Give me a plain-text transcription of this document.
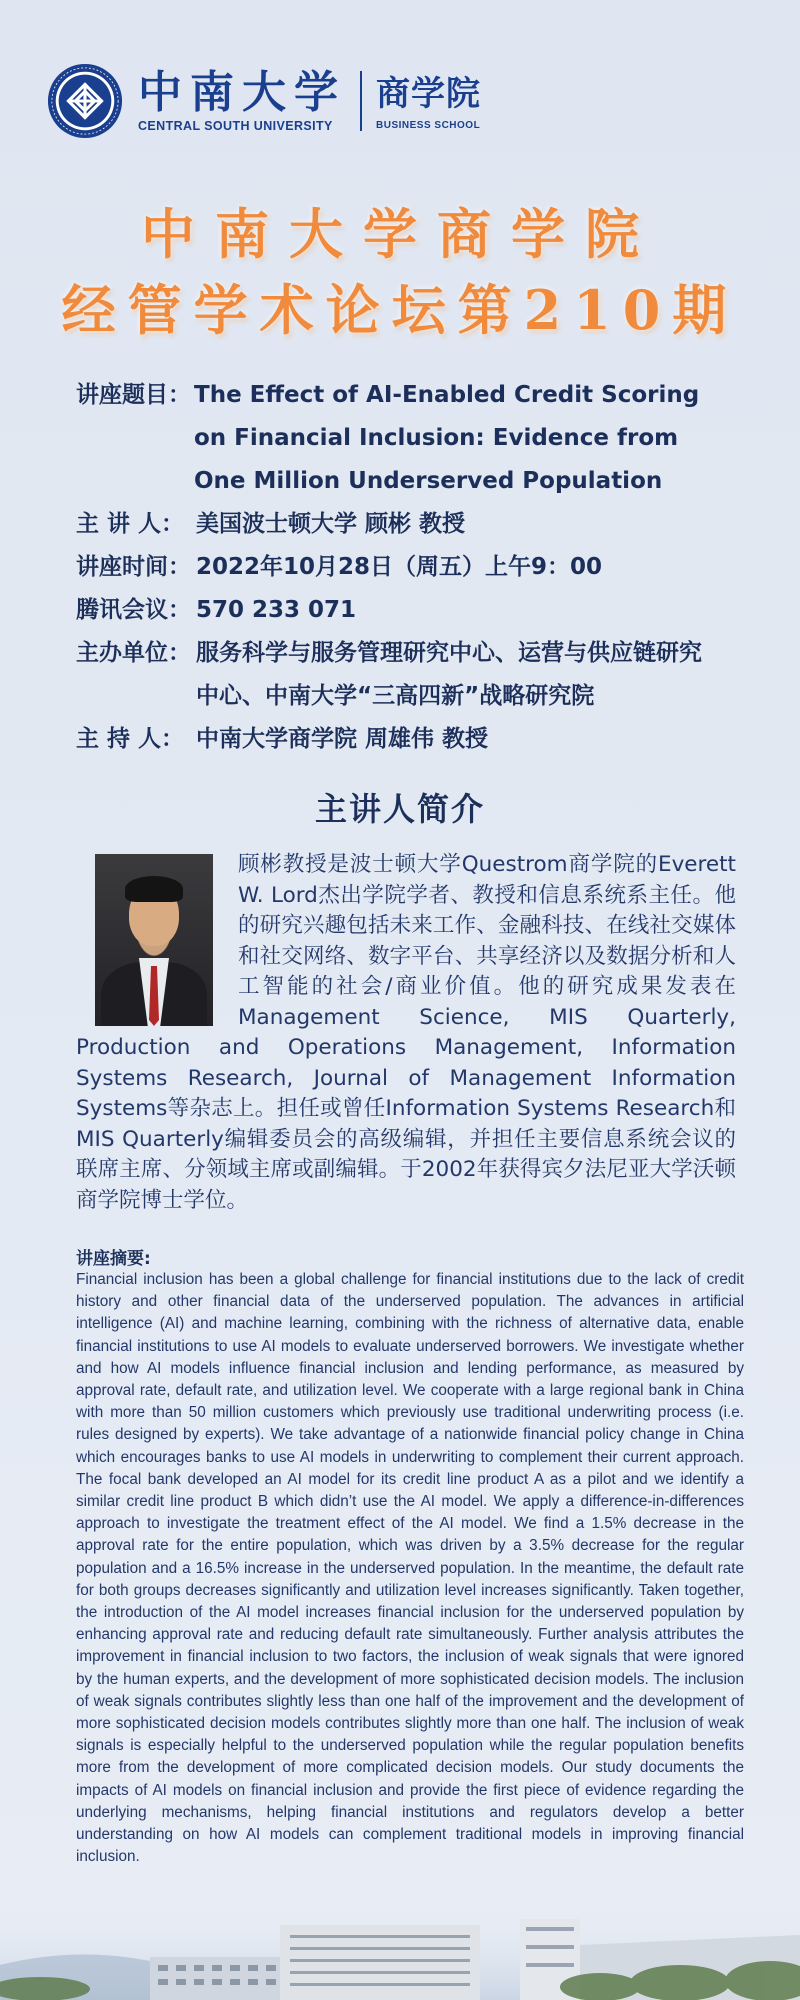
中南大学
CENTRAL SOUTH UNIVERSITY
商学院
BUSINESS SCHOOL
中南大学商学院
经管学术论坛第210期
讲座题目： The Effect of AI-Enabled Credit Scoring on Financial Inclusion: Evidence from One Million Underserved Population
主 讲 人： 美国波士顿大学 顾彬 教授
讲座时间： 2022年10月28日（周五）上午9：00
腾讯会议： 570 233 071
主办单位： 服务科学与服务管理研究中心、运营与供应链研究
中心、中南大学“三高四新”战略研究院
主 持 人： 中南大学商学院 周雄伟 教授
主讲人简介
顾彬教授是波士顿大学Questrom商学院的Everett W. Lord杰出学院学者、教授和信息系统系主任。他的研究兴趣包括未来工作、金融科技、在线社交媒体和社交网络、数字平台、共享经济以及数据分析和人工智能的社会/商业价值。他的研究成果发表在Management Science, MIS Quarterly, Production and Operations Management, Information Systems Research, Journal of Management Information Systems等杂志上。担任或曾任Information Systems Research和 MIS Quarterly编辑委员会的高级编辑，并担任主要信息系统会议的联席主席、分领域主席或副编辑。于2002年获得宾夕法尼亚大学沃顿商学院博士学位。
讲座摘要:
Financial inclusion has been a global challenge for financial institutions due to the lack of credit history and other financial data of the underserved population. The advances in artificial intelligence (AI) and machine learning, combining with the richness of alternative data, enable financial institutions to use AI models to evaluate underserved borrowers. We investigate whether and how AI models influence financial inclusion and lending performance, as measured by approval rate, default rate, and utilization level. We cooperate with a large regional bank in China with more than 50 million customers which previously use traditional underwriting process (i.e. rules designed by experts). We take advantage of a nationwide financial policy change in China which encourages banks to use AI models in underwriting to complement their current approach. The focal bank developed an AI model for its credit line product A as a pilot and we identify a similar credit line product B which didn’t use the AI model. We apply a difference-in-differences approach to investigate the treatment effect of the AI model. We find a 1.5% decrease in the approval rate for the entire population, which was driven by a 3.5% decrease for the regular population and a 16.5% increase in the underserved population. In the meantime, the default rate for both groups decreases significantly and utilization level increases significantly. Taken together, the introduction of the AI model increases financial inclusion for the underserved population by enhancing approval rate and reducing default rate simultaneously. Further analysis attributes the improvement in financial inclusion to two factors, the inclusion of weak signals that were ignored by the human experts, and the development of more sophisticated decision models. The inclusion of weak signals contributes slightly less than one half of the improvement and the development of more sophisticated decision models contributes slightly more than one half. The inclusion of weak signals is especially helpful to the underserved population while the regular population benefits more from the development of more complicated decision models. Our study documents the impacts of AI models on financial inclusion and provide the first piece of evidence regarding the underlying mechanisms, helping financial institutions and regulators develop a better understanding on how AI models can complement traditional models in improving financial inclusion.
